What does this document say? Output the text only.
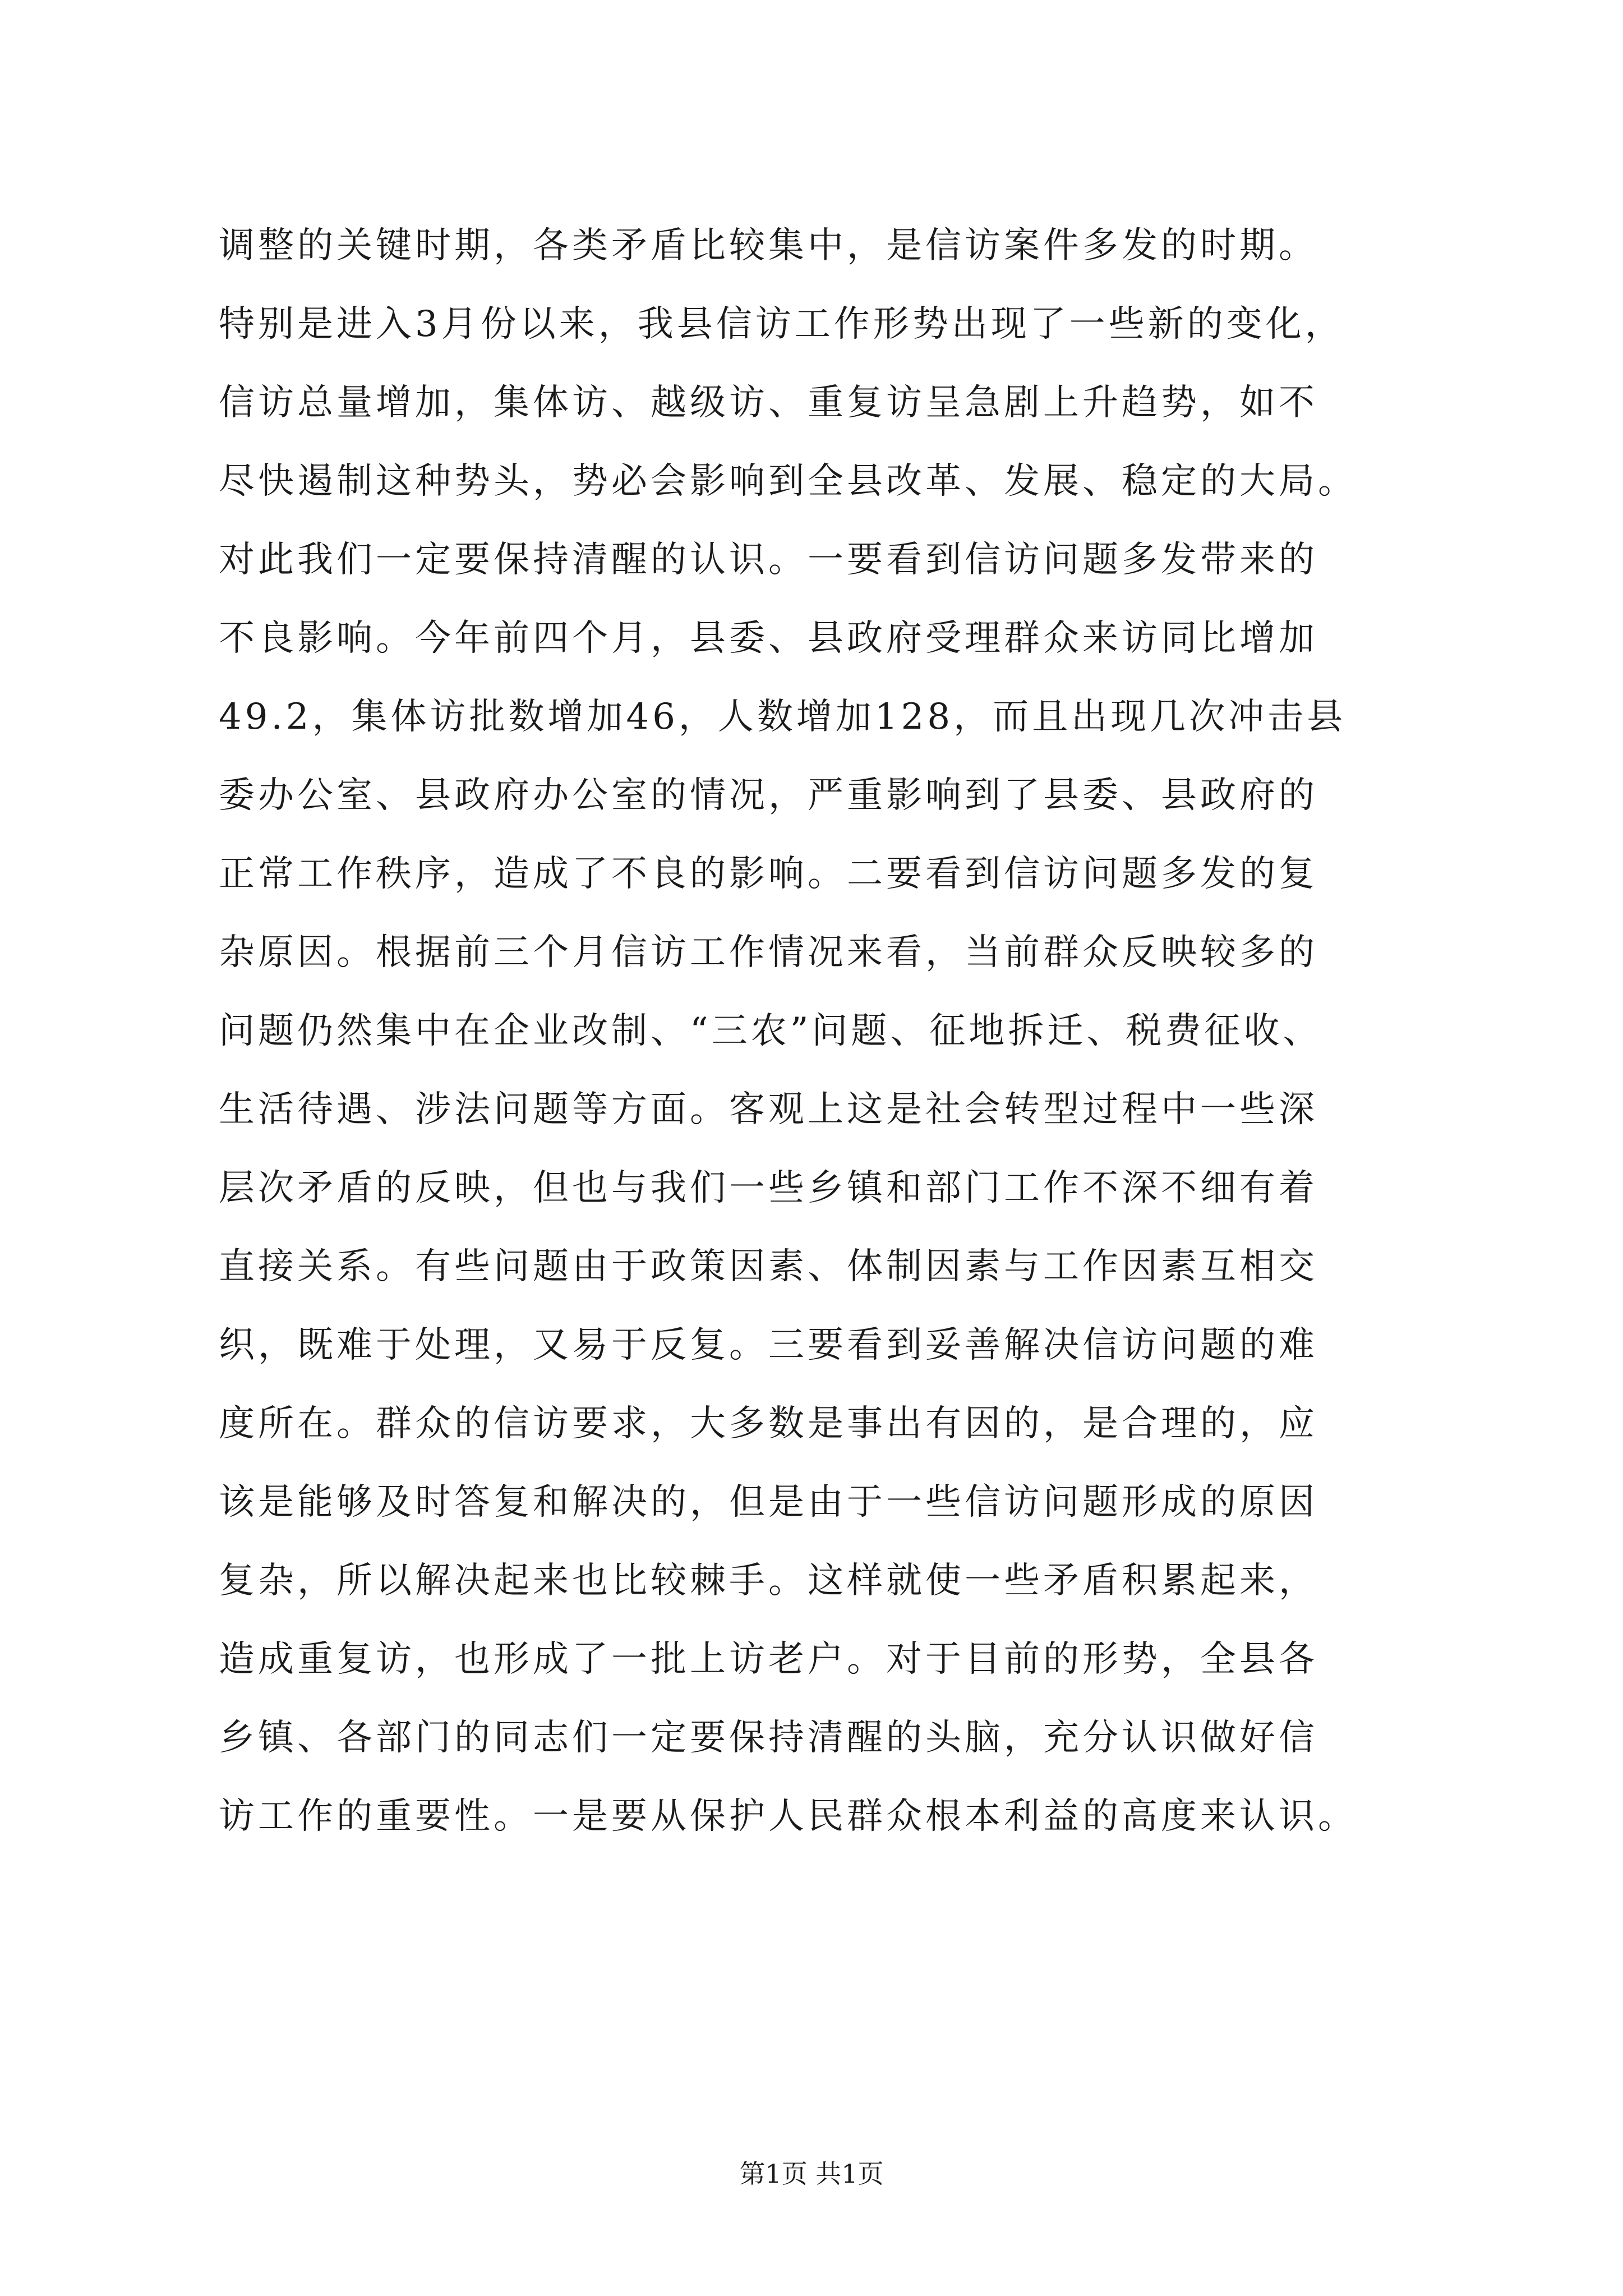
调整的关键时期，各类矛盾比较集中，是信访案件多发的时期。
特别是进入3月份以来，我县信访工作形势出现了一些新的变化，
信访总量增加，集体访、越级访、重复访呈急剧上升趋势，如不
尽快遏制这种势头，势必会影响到全县改革、发展、稳定的大局。
对此我们一定要保持清醒的认识。一要看到信访问题多发带来的
不良影响。今年前四个月，县委、县政府受理群众来访同比增加
49.2，集体访批数增加46，人数增加128，而且出现几次冲击县
委办公室、县政府办公室的情况，严重影响到了县委、县政府的
正常工作秩序，造成了不良的影响。二要看到信访问题多发的复
杂原因。根据前三个月信访工作情况来看，当前群众反映较多的
问题仍然集中在企业改制、“三农”问题、征地拆迁、税费征收、
生活待遇、涉法问题等方面。客观上这是社会转型过程中一些深
层次矛盾的反映，但也与我们一些乡镇和部门工作不深不细有着
直接关系。有些问题由于政策因素、体制因素与工作因素互相交
织，既难于处理，又易于反复。三要看到妥善解决信访问题的难
度所在。群众的信访要求，大多数是事出有因的，是合理的，应
该是能够及时答复和解决的，但是由于一些信访问题形成的原因
复杂，所以解决起来也比较棘手。这样就使一些矛盾积累起来，
造成重复访，也形成了一批上访老户。对于目前的形势，全县各
乡镇、各部门的同志们一定要保持清醒的头脑，充分认识做好信
访工作的重要性。一是要从保护人民群众根本利益的高度来认识。
第1页 共1页
